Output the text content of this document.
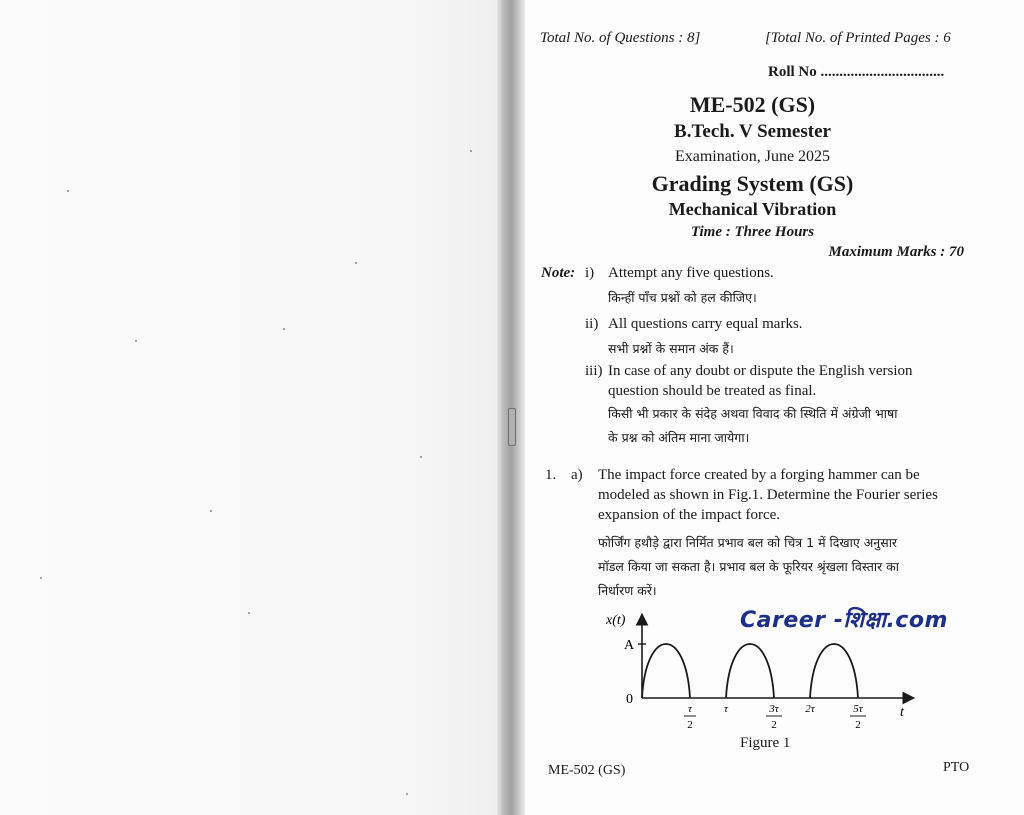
Total No. of Questions : 8]	[Total No. of Printed Pages : 6
Roll No .................................
ME-502 (GS)
B.Tech. V Semester
Examination, June 2025
Grading System (GS)
Mechanical Vibration
Time : Three Hours
Maximum Marks : 70
Note: i) Attempt any five questions.
किन्हीं पाँच प्रश्नों को हल कीजिए।
ii) All questions carry equal marks.
सभी प्रश्नों के समान अंक हैं।
iii) In case of any doubt or dispute the English version
question should be treated as final.
किसी भी प्रकार के संदेह अथवा विवाद की स्थिति में अंग्रेजी भाषा
के प्रश्न को अंतिम माना जायेगा।
1. a) The impact force created by a forging hammer can be
modeled as shown in Fig.1. Determine the Fourier series
expansion of the impact force.
फोर्जिंग हथौड़े द्वारा निर्मित प्रभाव बल को चित्र 1 में दिखाए अनुसार
मॉडल किया जा सकता है। प्रभाव बल के फूरियर श्रृंखला विस्तार का
निर्धारण करें।
Career -शिक्षा.com
x(t)
A
0
t
τ
2
τ	3τ
2
2τ	5τ
2
Figure 1
ME-502 (GS)	PTO
